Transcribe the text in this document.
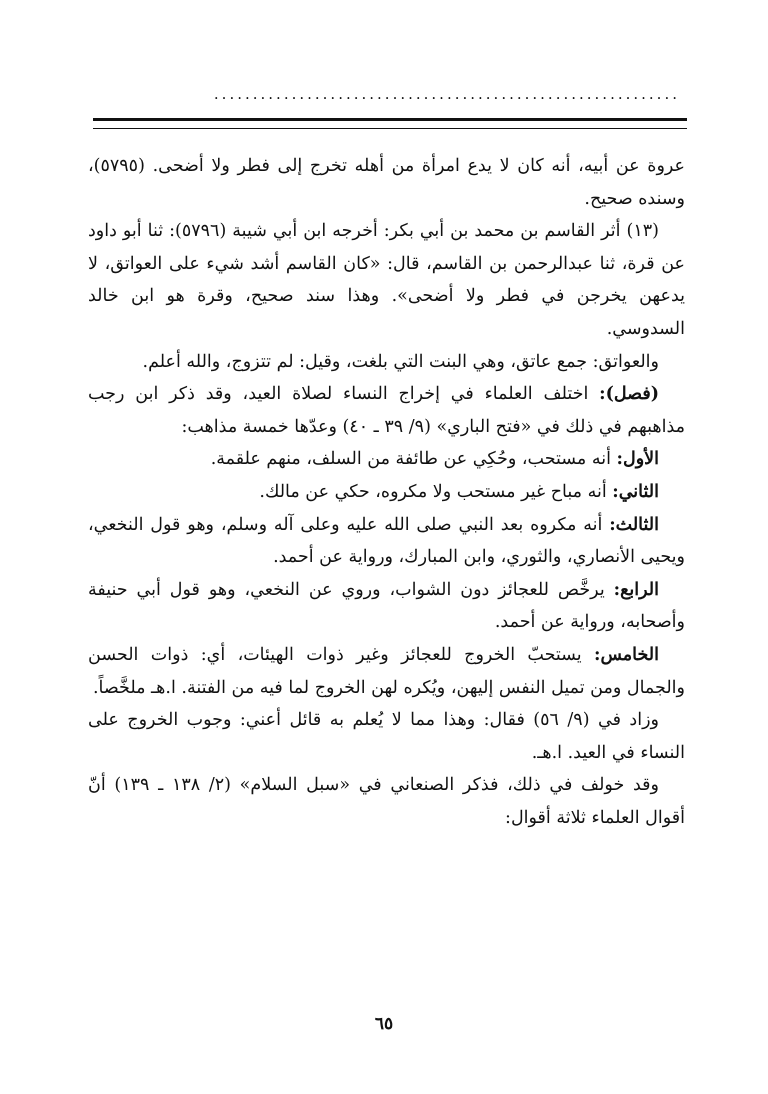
............................................................

عروة عن أبيه، أنه كان لا يدع امرأة من أهله تخرج إلى فطر ولا أضحى. (٥٧٩٥)، وسنده صحيح.

(١٣) أثر القاسم بن محمد بن أبي بكر: أخرجه ابن أبي شيبة (٥٧٩٦): ثنا أبو داود عن قرة، ثنا عبدالرحمن بن القاسم، قال: «كان القاسم أشد شيء على العواتق، لا يدعهن يخرجن في فطر ولا أضحى». وهذا سند صحيح، وقرة هو ابن خالد السدوسي.

والعواتق: جمع عاتق، وهي البنت التي بلغت، وقيل: لم تتزوج، والله أعلم.

(فصل): اختلف العلماء في إخراج النساء لصلاة العيد، وقد ذكر ابن رجب مذاهبهم في ذلك في «فتح الباري» (٩/ ٣٩ ـ ٤٠) وعدّها خمسة مذاهب:

الأول: أنه مستحب، وحُكِي عن طائفة من السلف، منهم علقمة.

الثاني: أنه مباح غير مستحب ولا مكروه، حكي عن مالك.

الثالث: أنه مكروه بعد النبي صلى الله عليه وعلى آله وسلم، وهو قول النخعي، ويحيى الأنصاري، والثوري، وابن المبارك، ورواية عن أحمد.

الرابع: يرخَّص للعجائز دون الشواب، وروي عن النخعي، وهو قول أبي حنيفة وأصحابه، ورواية عن أحمد.

الخامس: يستحبّ الخروج للعجائز وغير ذوات الهيئات، أي: ذوات الحسن والجمال ومن تميل النفس إليهن، ويُكره لهن الخروج لما فيه من الفتنة. ا.هـ ملخَّصاً.

وزاد في (٩/ ٥٦) فقال: وهذا مما لا يُعلم به قائل أعني: وجوب الخروج على النساء في العيد. ا.هـ.

وقد خولف في ذلك، فذكر الصنعاني في «سبل السلام» (٢/ ١٣٨ ـ ١٣٩) أنّ أقوال العلماء ثلاثة أقوال:

٦٥
